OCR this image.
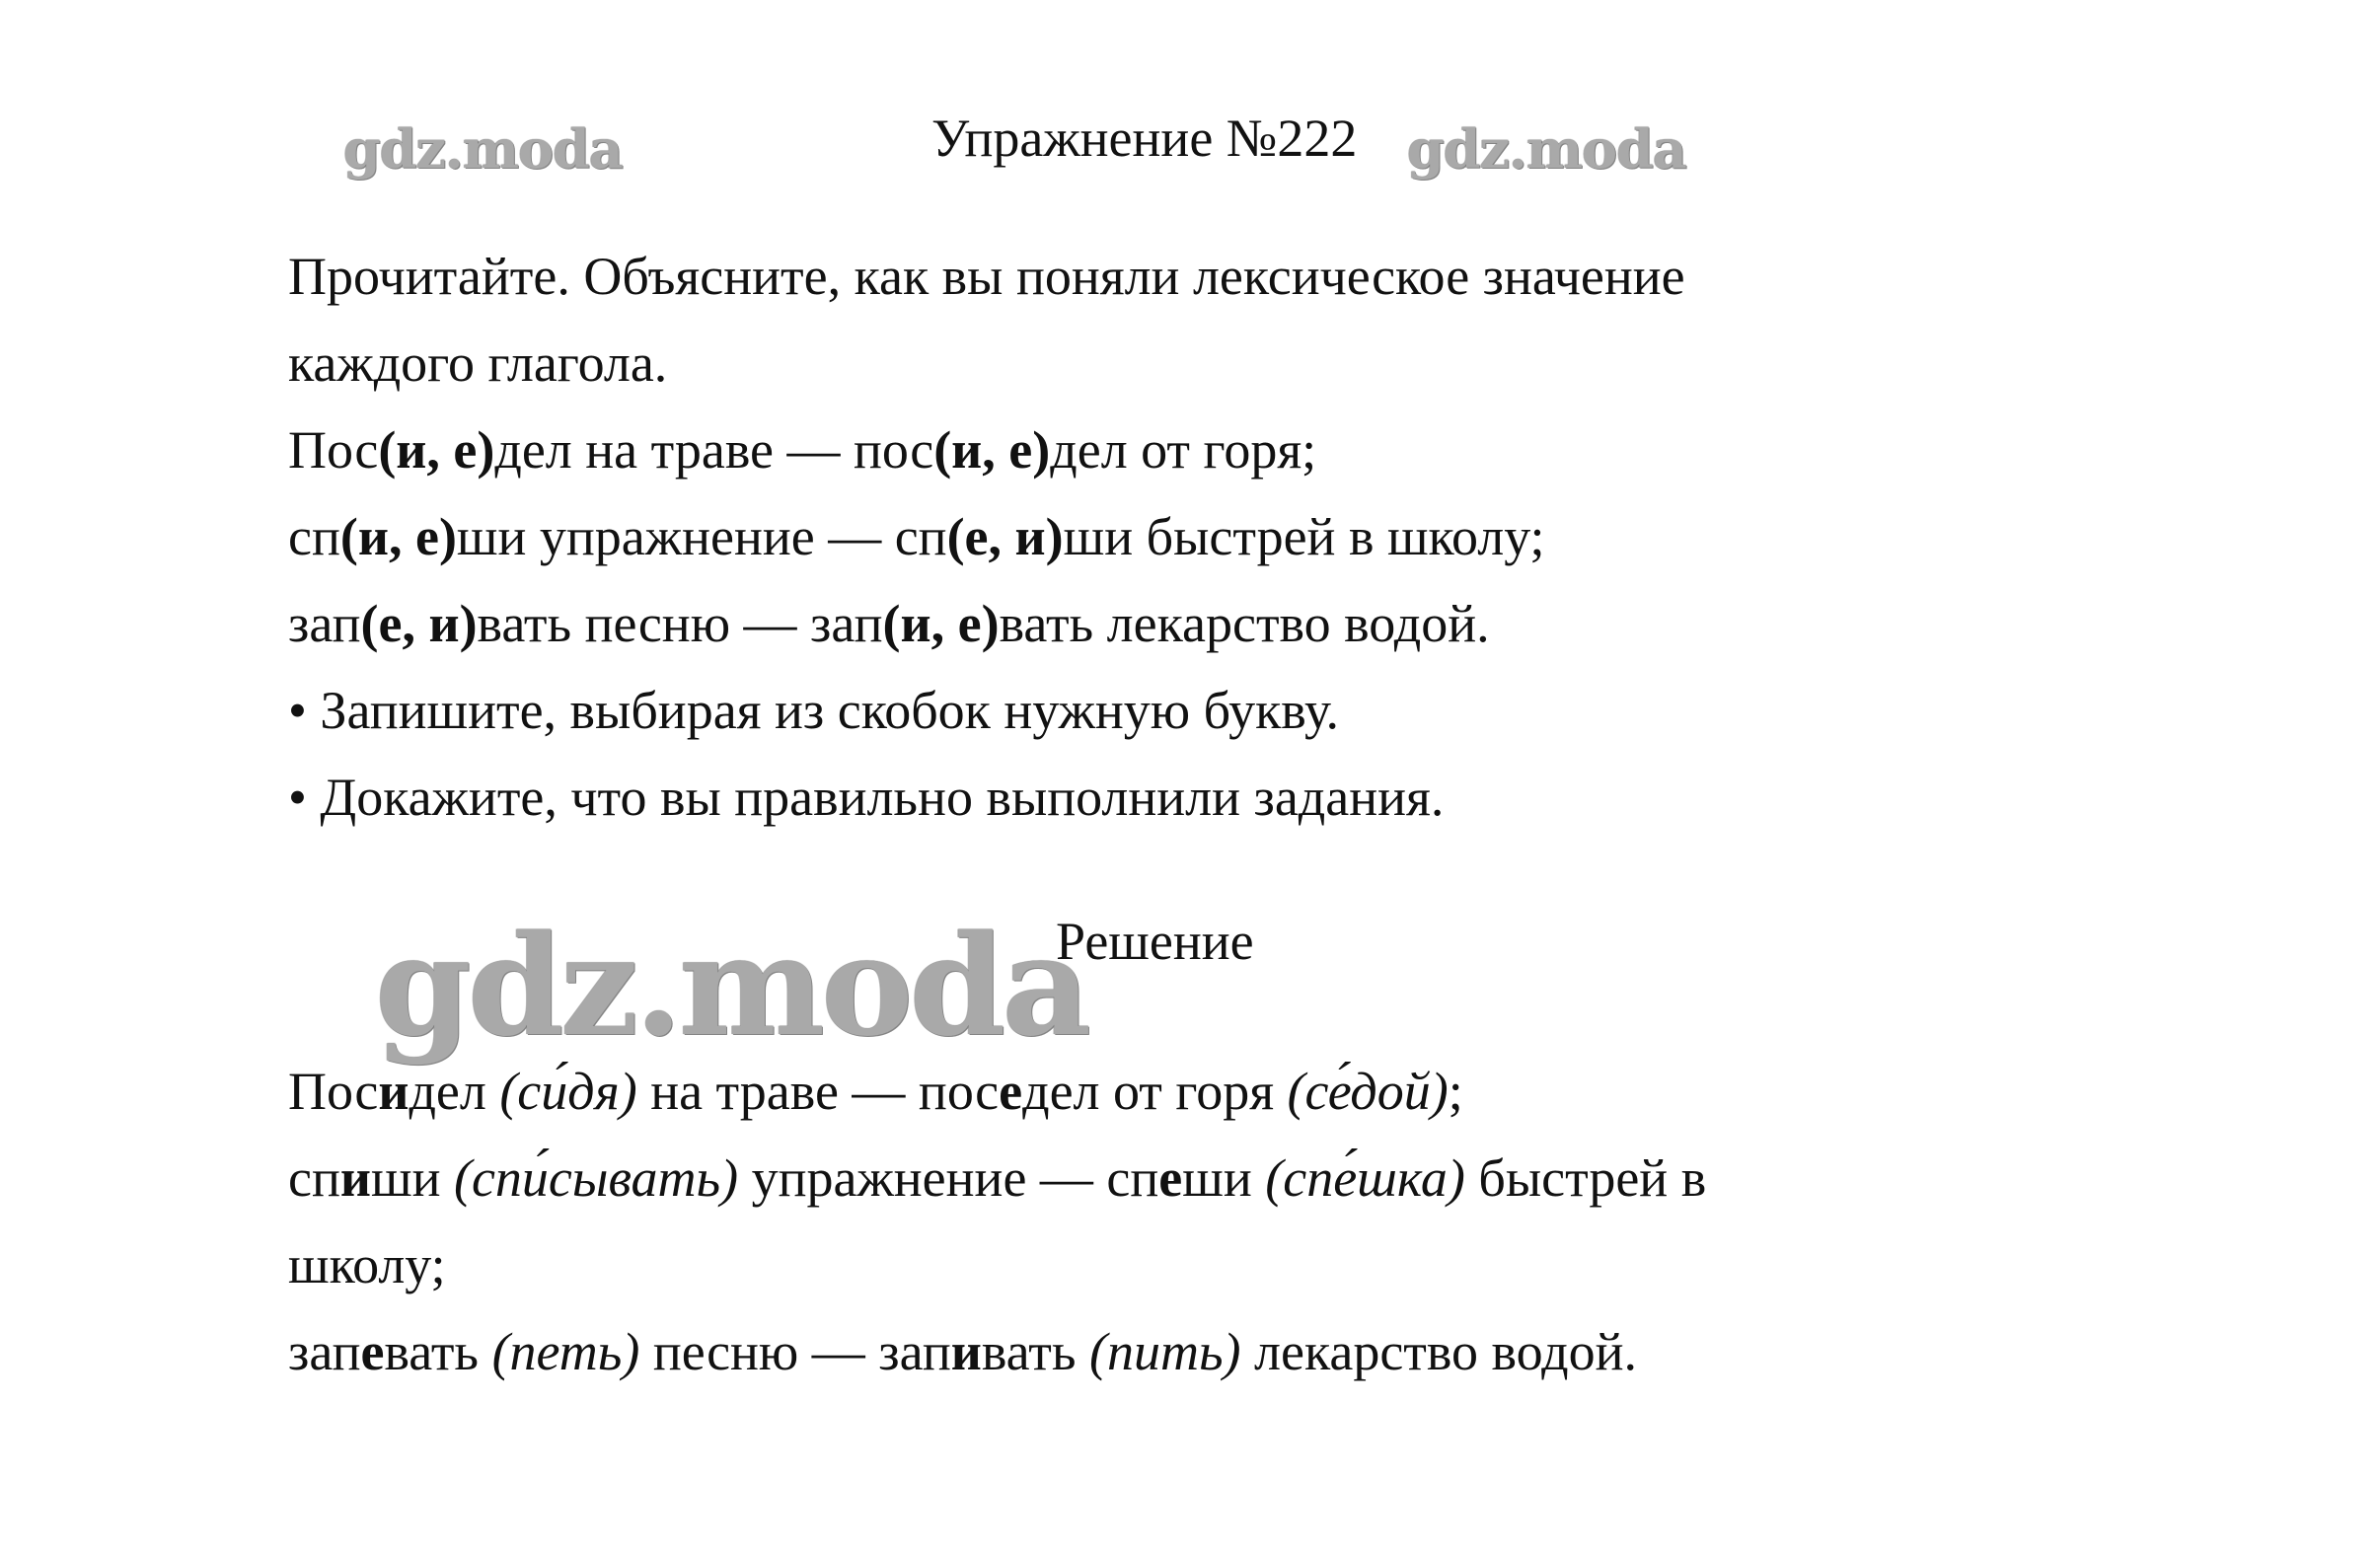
gdz.moda	gdz.moda
gdz.moda
Упражнение №222
Прочитайте. Объясните, как вы поняли лексическое значение
каждого глагола.
Пос(и, е)дел на траве — пос(и, е)дел от горя;
сп(и, е)ши упражнение — сп(е, и)ши быстрей в школу;
зап(е, и)вать песню — зап(и, е)вать лекарство водой.
• Запишите, выбирая из скобок нужную букву.
• Докажите, что вы правильно выполнили задания.
Решение
Посидел (си́дя) на траве — поседел от горя (се́дой);
спиши (спи́сывать) упражнение — спеши (спе́шка) быстрей в
школу;
запевать (петь) песню — запивать (пить) лекарство водой.
